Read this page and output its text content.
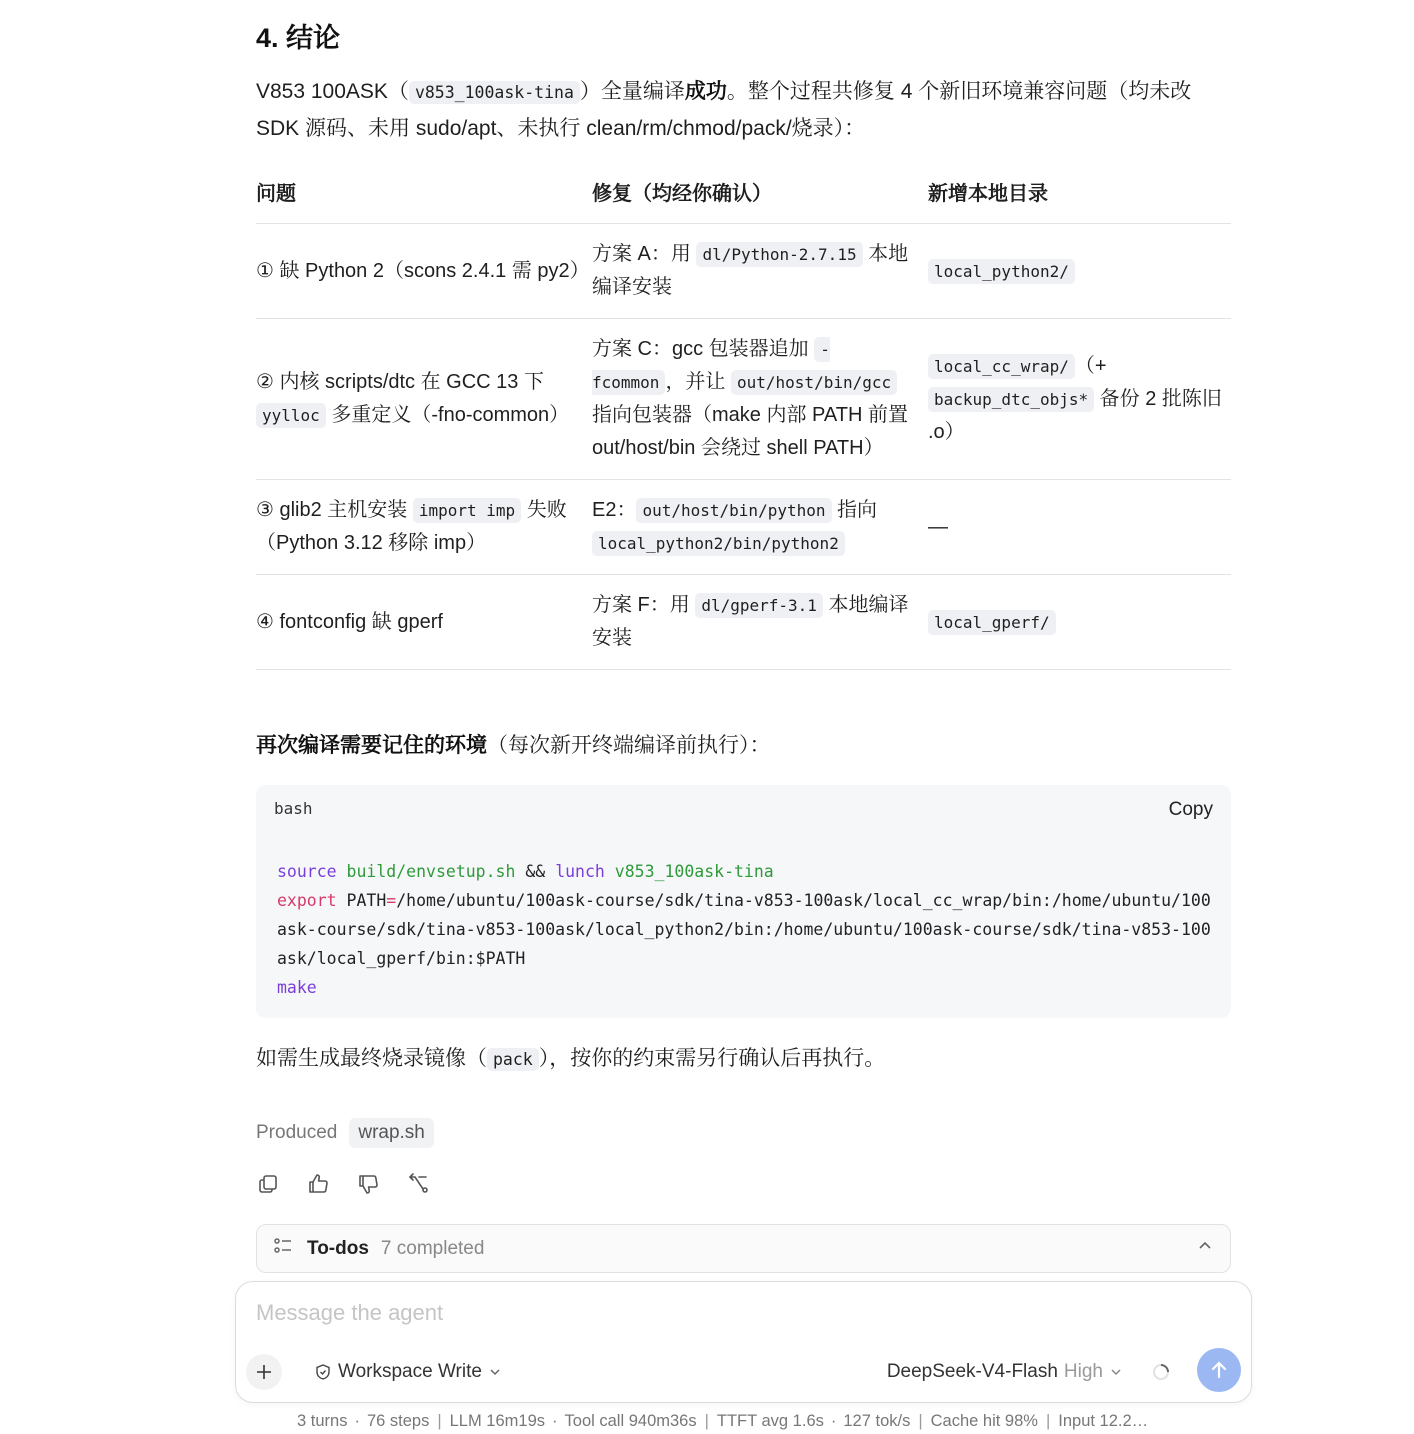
4. 结论
V853 100ASK（ v853_100ask-tina ）全量编译成功。整个过程共修复 4 个新旧环境兼容问题（均未改 SDK 源码、未用 sudo/apt、未执行 clean/rm/chmod/pack/烧录）：
问题	修复（均经你确认）	新增本地目录
① 缺 Python 2（scons 2.4.1 需 py2）	方案 A：用 dl/Python-2.7.15 本地编译安装	local_python2/
② 内核 scripts/dtc 在 GCC 13 下 yylloc 多重定义（-fno-common）	方案 C：gcc 包装器追加 -fcommon ，并让 out/host/bin/gcc 指向包装器（make 内部 PATH 前置 out/host/bin 会绕过 shell PATH）	local_cc_wrap/ （+ backup_dtc_objs* 备份 2 批陈旧 .o）
③ glib2 主机安装 import imp 失败（Python 3.12 移除 imp）	E2： out/host/bin/python 指向 local_python2/bin/python2	—
④ fontconfig 缺 gperf	方案 F：用 dl/gperf-3.1 本地编译安装	local_gperf/
再次编译需要记住的环境（每次新开终端编译前执行）：
bash	Copy
source build/envsetup.sh && lunch v853_100ask-tina
export PATH=/home/ubuntu/100ask-course/sdk/tina-v853-100ask/local_cc_wrap/bin:/home/ubuntu/100ask-course/sdk/tina-v853-100ask/local_python2/bin:/home/ubuntu/100ask-course/sdk/tina-v853-100ask/local_gperf/bin:$PATH
make
如需生成最终烧录镜像（ pack ），按你的约束需另行确认后再执行。
Produced	wrap.sh
To-dos 7 completed
Message the agent
Workspace Write	DeepSeek-V4-Flash High
3 turns · 76 steps | LLM 16m19s · Tool call 940m36s | TTFT avg 1.6s · 127 tok/s | Cache hit 98% | Input 12.2…
